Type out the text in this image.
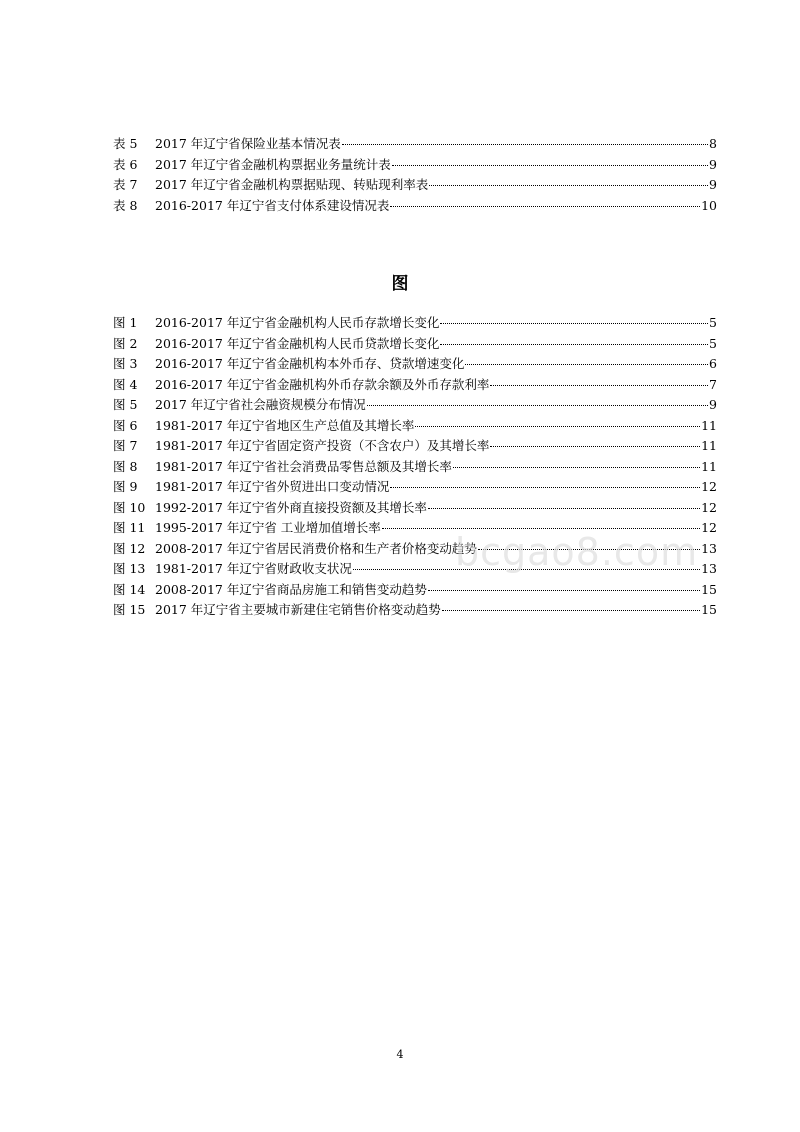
表 5	2017 年辽宁省保险业基本情况表	8
表 6	2017 年辽宁省金融机构票据业务量统计表	9
表 7	2017 年辽宁省金融机构票据贴现、转贴现利率表	9
表 8	2016-2017 年辽宁省支付体系建设情况表	10
图
图 1	2016-2017 年辽宁省金融机构人民币存款增长变化	5
图 2	2016-2017 年辽宁省金融机构人民币贷款增长变化	5
图 3	2016-2017 年辽宁省金融机构本外币存、贷款增速变化	6
图 4	2016-2017 年辽宁省金融机构外币存款余额及外币存款利率	7
图 5	2017 年辽宁省社会融资规模分布情况	9
图 6	1981-2017 年辽宁省地区生产总值及其增长率	11
图 7	1981-2017 年辽宁省固定资产投资（不含农户）及其增长率	11
图 8	1981-2017 年辽宁省社会消费品零售总额及其增长率	11
图 9	1981-2017 年辽宁省外贸进出口变动情况	12
图 10 1992-2017 年辽宁省外商直接投资额及其增长率	12
图 11 1995-2017 年辽宁省 工业增加值增长率	12
图 12 2008-2017 年辽宁省居民消费价格和生产者价格变动趋势	13
图 13 1981-2017 年辽宁省财政收支状况	13
图 14 2008-2017 年辽宁省商品房施工和销售变动趋势	15
图 15 2017 年辽宁省主要城市新建住宅销售价格变动趋势	15
bcgao8.com
4
